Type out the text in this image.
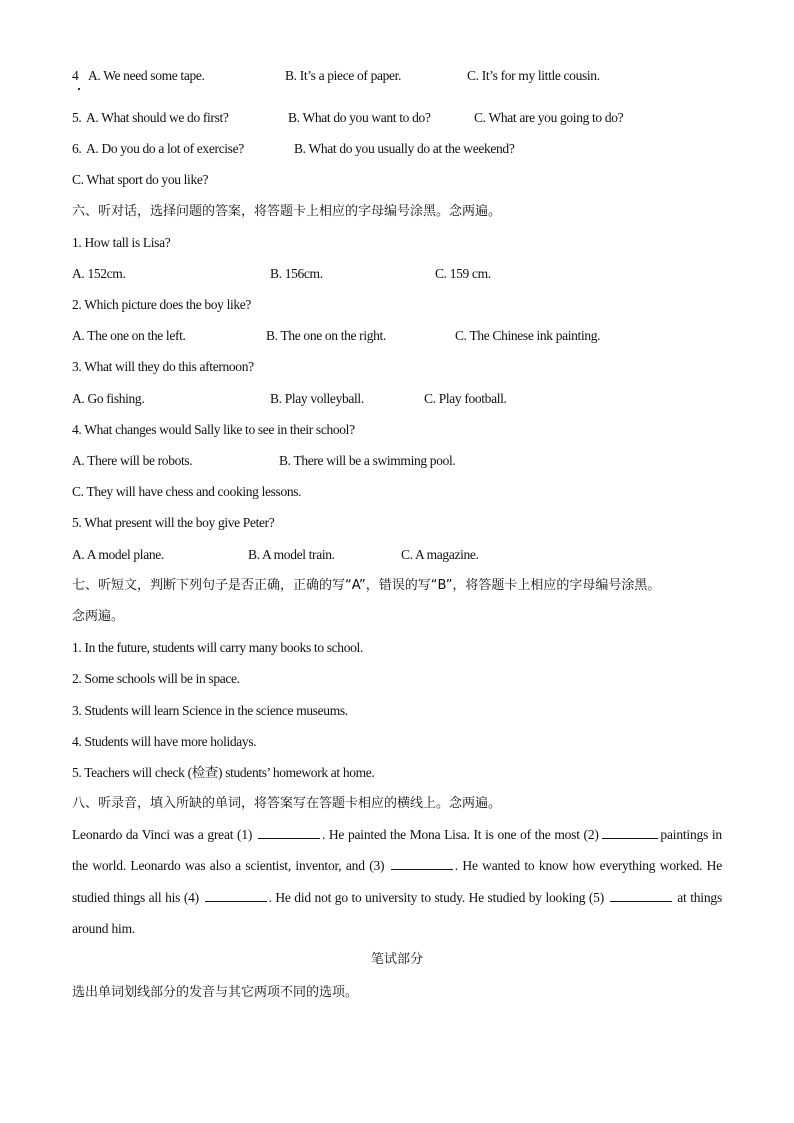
4 A. We need some tape.	B. It’s a piece of paper.	C. It’s for my little cousin.
5. A. What should we do first?	B. What do you want to do?	C. What are you going to do?
6. A. Do you do a lot of exercise?	B. What do you usually do at the weekend?
C. What sport do you like?
六、听对话，选择问题的答案，将答题卡上相应的字母编号涂黑。念两遍。
1. How tall is Lisa?
A. 152cm.	B. 156cm.	C. 159 cm.
2. Which picture does the boy like?
A. The one on the left.	B. The one on the right.	C. The Chinese ink painting.
3. What will they do this afternoon?
A. Go fishing.	B. Play volleyball.	C. Play football.
4. What changes would Sally like to see in their school?
A. There will be robots.	B. There will be a swimming pool.
C. They will have chess and cooking lessons.
5. What present will the boy give Peter?
A. A model plane.	B. A model train.	C. A magazine.
七、听短文，判断下列句子是否正确，正确的写“A”，错误的写“B”，将答题卡上相应的字母编号涂黑。
念两遍。
1. In the future, students will carry many books to school.
2. Some schools will be in space.
3. Students will learn Science in the science museums.
4. Students will have more holidays.
5. Teachers will check (检查) students’ homework at home.
八、听录音，填入所缺的单词，将答案写在答题卡相应的横线上。念两遍。
Leonardo da Vinci was a great (1)	. He painted the Mona Lisa. It is one of the most (2)	paintings in the world. Leonardo was also a scientist, inventor, and (3)	. He wanted to know how everything worked. He studied things all his (4)	. He did not go to university to study. He studied by looking (5)	at things around him.
笔试部分
选出单词划线部分的发音与其它两项不同的选项。
